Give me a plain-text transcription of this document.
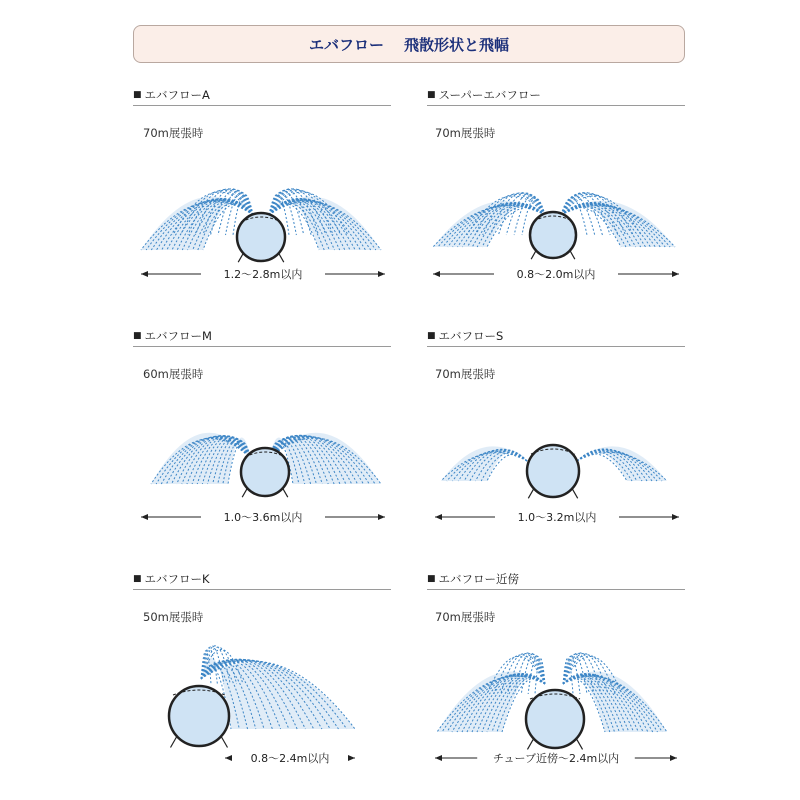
エバフロー 飛散形状と飛幅
■ エバフローA
70m展張時
1.2〜2.8m以内
■ スーパーエバフロー
70m展張時
0.8〜2.0m以内
■ エバフローM
60m展張時
1.0〜3.6m以内
■ エバフローS
70m展張時
1.0〜3.2m以内
■ エバフローK
50m展張時
0.8〜2.4m以内
■ エバフロー近傍
70m展張時
チューブ近傍〜2.4m以内
